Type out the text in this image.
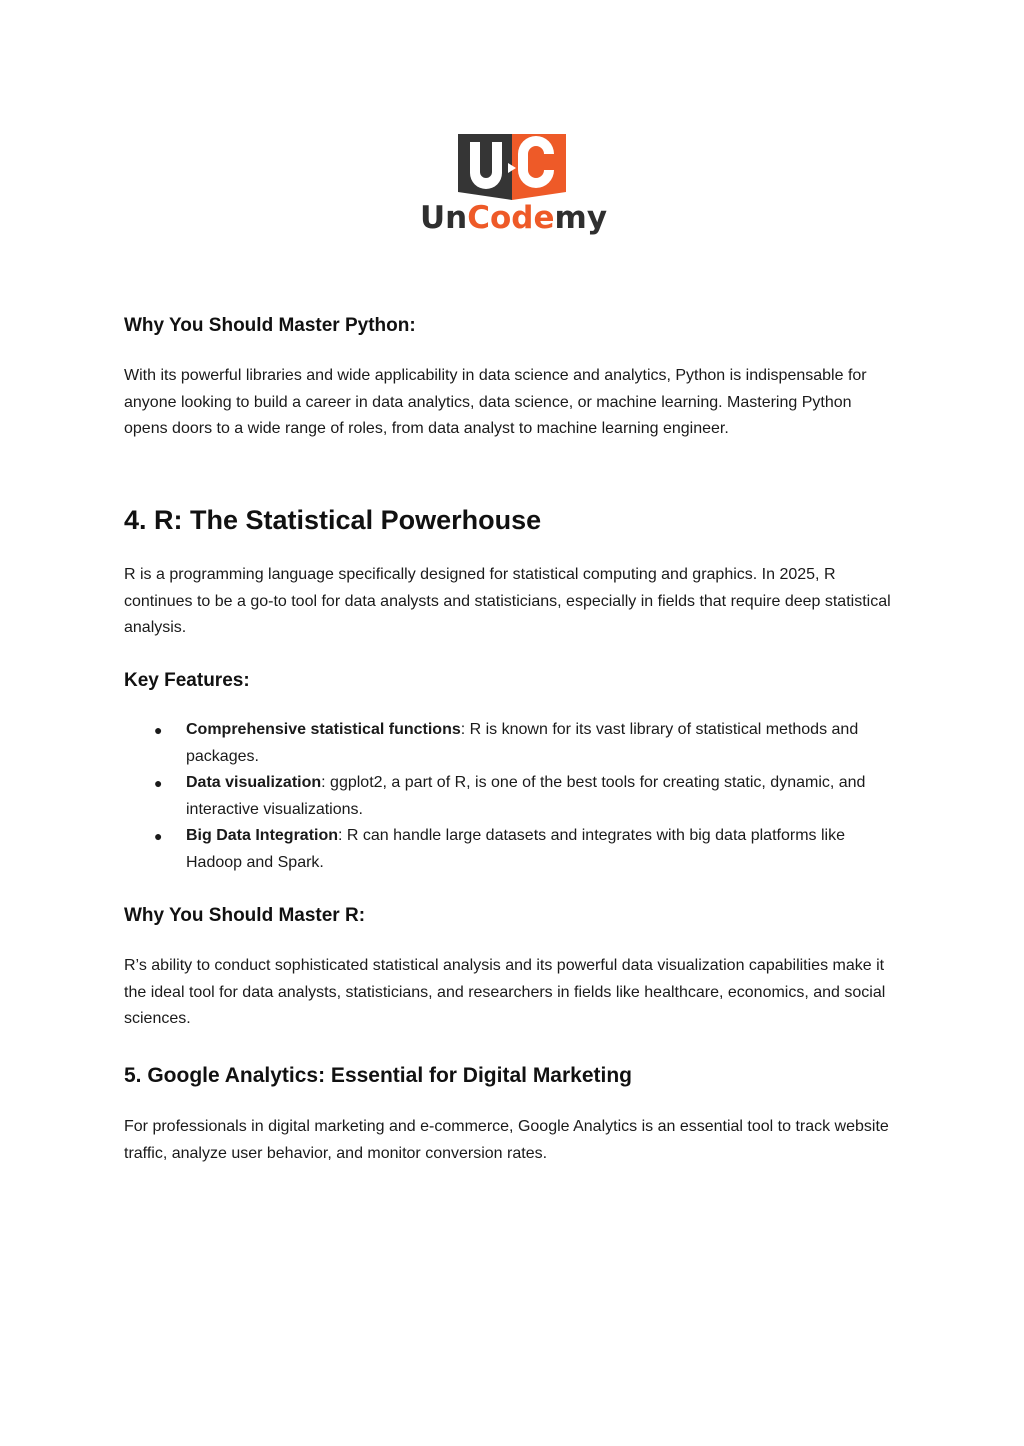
UnCodemy
Why You Should Master Python:

With its powerful libraries and wide applicability in data science and analytics, Python is indispensable for anyone looking to build a career in data analytics, data science, or machine learning. Mastering Python opens doors to a wide range of roles, from data analyst to machine learning engineer.

4. R: The Statistical Powerhouse

R is a programming language specifically designed for statistical computing and graphics. In 2025, R continues to be a go-to tool for data analysts and statisticians, especially in fields that require deep statistical analysis.

Key Features:
● Comprehensive statistical functions: R is known for its vast library of statistical methods and packages.
● Data visualization: ggplot2, a part of R, is one of the best tools for creating static, dynamic, and interactive visualizations.
● Big Data Integration: R can handle large datasets and integrates with big data platforms like Hadoop and Spark.
Why You Should Master R:

R’s ability to conduct sophisticated statistical analysis and its powerful data visualization capabilities make it the ideal tool for data analysts, statisticians, and researchers in fields like healthcare, economics, and social sciences.

5. Google Analytics: Essential for Digital Marketing

For professionals in digital marketing and e-commerce, Google Analytics is an essential tool to track website traffic, analyze user behavior, and monitor conversion rates.
